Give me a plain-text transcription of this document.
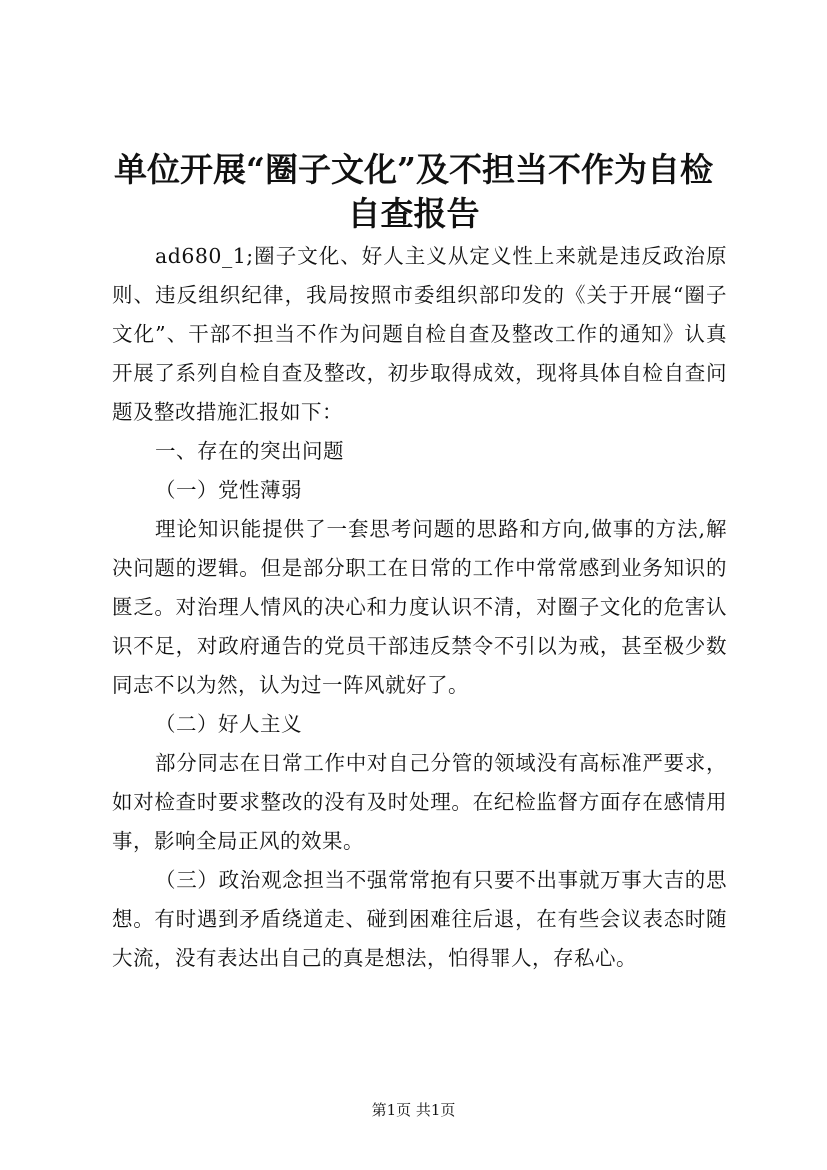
单位开展“圈子文化”及不担当不作为自检自查报告

ad680_1;圈子文化、好人主义从定义性上来就是违反政治原则、违反组织纪律，我局按照市委组织部印发的《关于开展“圈子文化”、干部不担当不作为问题自检自查及整改工作的通知》认真开展了系列自检自查及整改，初步取得成效，现将具体自检自查问题及整改措施汇报如下：

一、存在的突出问题

（一）党性薄弱

理论知识能提供了一套思考问题的思路和方向,做事的方法,解决问题的逻辑。但是部分职工在日常的工作中常常感到业务知识的匮乏。对治理人情风的决心和力度认识不清，对圈子文化的危害认识不足，对政府通告的党员干部违反禁令不引以为戒，甚至极少数同志不以为然，认为过一阵风就好了。

（二）好人主义

部分同志在日常工作中对自己分管的领域没有高标准严要求，如对检查时要求整改的没有及时处理。在纪检监督方面存在感情用事，影响全局正风的效果。

（三）政治观念担当不强常常抱有只要不出事就万事大吉的思想。有时遇到矛盾绕道走、碰到困难往后退，在有些会议表态时随大流，没有表达出自己的真是想法，怕得罪人，存私心。

第1页 共1页
